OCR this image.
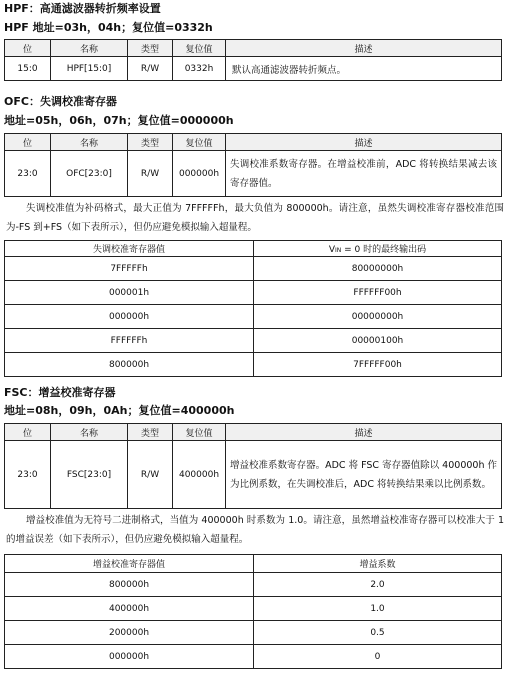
HPF：高通滤波器转折频率设置
HPF 地址=03h，04h；复位值=0332h
位	名称	类型	复位值	描述
15:0	HPF[15:0]	R/W	0332h	默认高通滤波器转折频点。
OFC：失调校准寄存器
地址=05h，06h，07h；复位值=000000h
位	名称	类型	复位值	描述
23:0	OFC[23:0]	R/W	000000h	失调校准系数寄存器。在增益校准前，ADC 将转换结果减去该寄存器值。
失调校准值为补码格式，最大正值为 7FFFFFh，最大负值为 800000h。请注意，虽然失调校准寄存器校准范围为-FS 到+FS（如下表所示），但仍应避免模拟输入超量程。
失调校准寄存器值	VIN = 0 时的最终输出码
7FFFFFh	80000000h
000001h	FFFFFF00h
000000h	00000000h
FFFFFFh	00000100h
800000h	7FFFFF00h
FSC：增益校准寄存器
地址=08h，09h，0Ah；复位值=400000h
位	名称	类型	复位值	描述
23:0	FSC[23:0]	R/W	400000h	增益校准系数寄存器。ADC 将 FSC 寄存器值除以 400000h 作为比例系数，在失调校准后，ADC 将转换结果乘以比例系数。
增益校准值为无符号二进制格式，当值为 400000h 时系数为 1.0。请注意，虽然增益校准寄存器可以校准大于 1 的增益误差（如下表所示），但仍应避免模拟输入超量程。
增益校准寄存器值	增益系数
800000h	2.0
400000h	1.0
200000h	0.5
000000h	0
